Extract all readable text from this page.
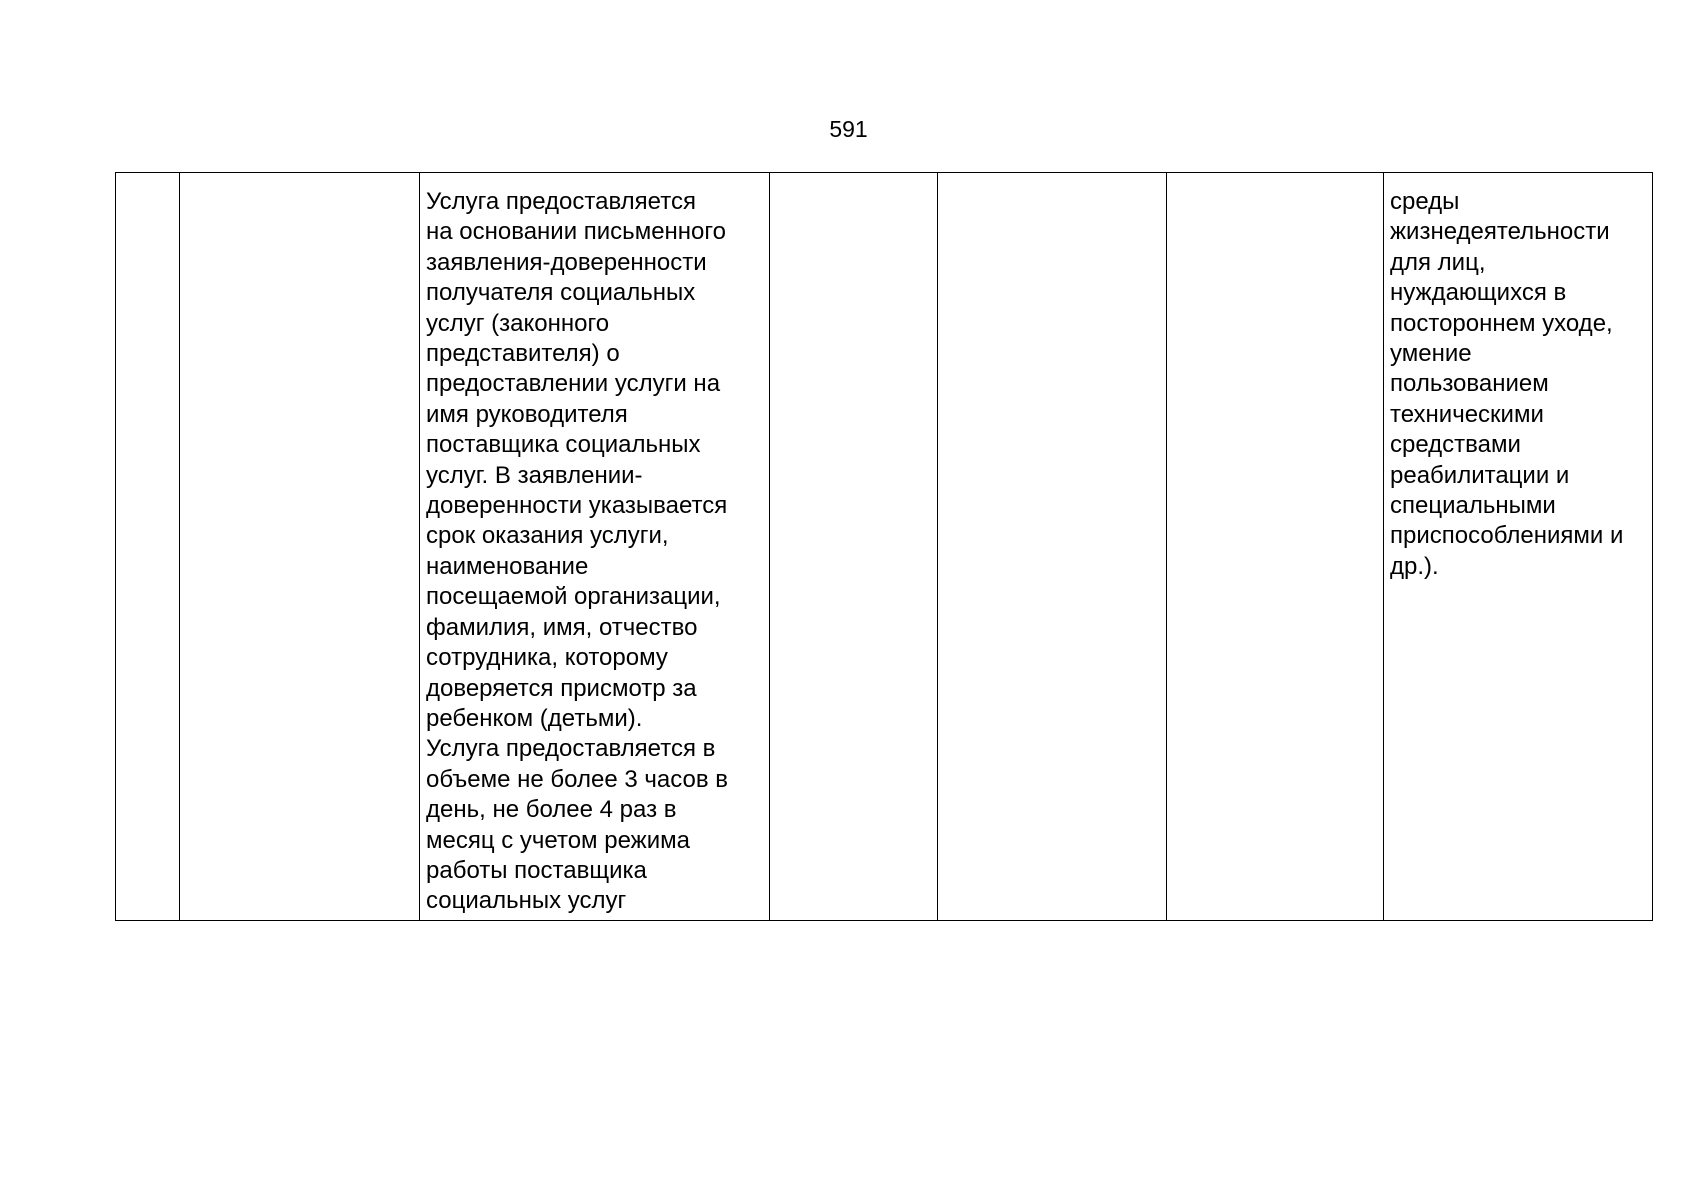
591

Услуга предоставляется
на основании письменного
заявления-доверенности
получателя социальных
услуг (законного
представителя) о
предоставлении услуги на
имя руководителя
поставщика социальных
услуг. В заявлении-
доверенности указывается
срок оказания услуги,
наименование
посещаемой организации,
фамилия, имя, отчество
сотрудника, которому
доверяется присмотр за
ребенком (детьми).
Услуга предоставляется в
объеме не более 3 часов в
день, не более 4 раз в
месяц с учетом режима
работы поставщика
социальных услуг

среды
жизнедеятельности
для лиц,
нуждающихся в
постороннем уходе,
умение
пользованием
техническими
средствами
реабилитации и
специальными
приспособлениями и
др.).
